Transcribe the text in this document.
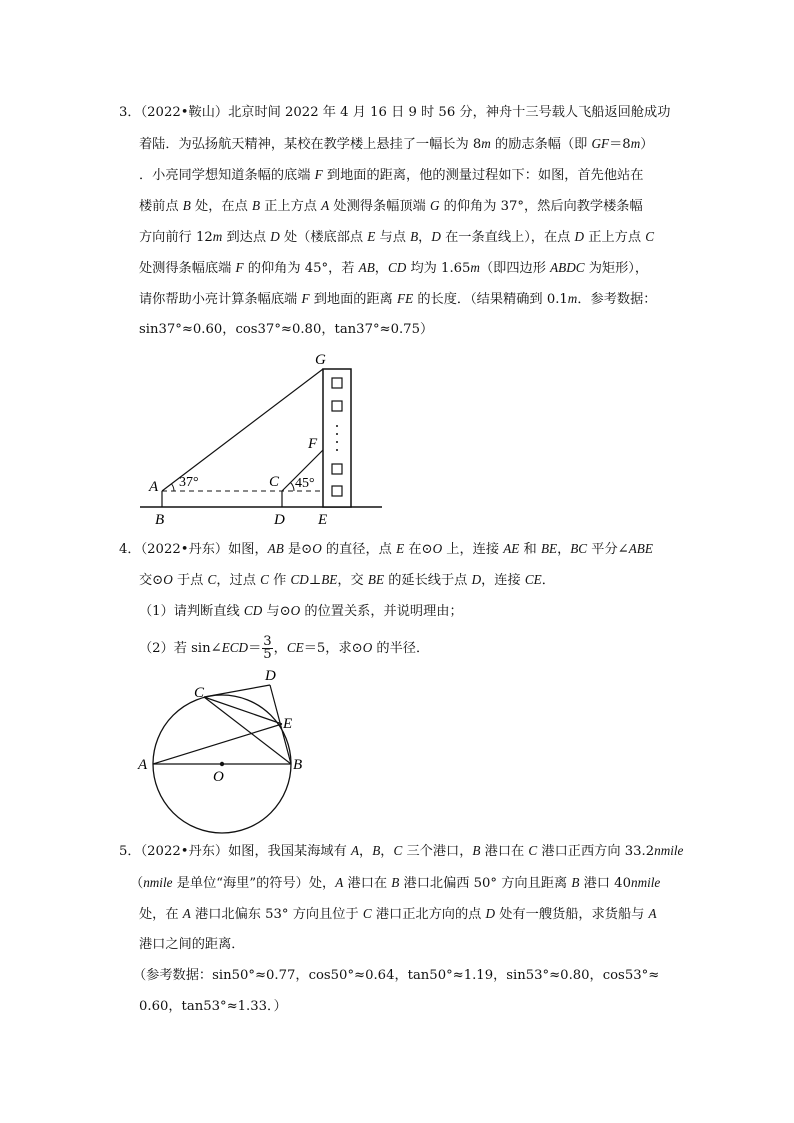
3．（2022•鞍山）北京时间 2022 年 4 月 16 日 9 时 56 分，神舟十三号载人飞船返回舱成功
着陆．为弘扬航天精神，某校在教学楼上悬挂了一幅长为 8m 的励志条幅（即 GF＝8m）
．小亮同学想知道条幅的底端 F 到地面的距离，他的测量过程如下：如图，首先他站在
楼前点 B 处，在点 B 正上方点 A 处测得条幅顶端 G 的仰角为 37°，然后向教学楼条幅
方向前行 12m 到达点 D 处（楼底部点 E 与点 B，D 在一条直线上），在点 D 正上方点 C
处测得条幅底端 F 的仰角为 45°，若 AB，CD 均为 1.65m（即四边形 ABDC 为矩形），
请你帮助小亮计算条幅底端 F 到地面的距离 FE 的长度．（结果精确到 0.1m．参考数据：
sin37°≈0.60，cos37°≈0.80，tan37°≈0.75）
G
F
A	C
B	D E
37°	45°
4．（2022•丹东）如图，AB 是⊙O 的直径，点 E 在⊙O 上，连接 AE 和 BE，BC 平分∠ABE
交⊙O 于点 C，过点 C 作 CD⊥BE，交 BE 的延长线于点 D，连接 CE．
（1）请判断直线 CD 与⊙O 的位置关系，并说明理由；
（2）若 sin∠ECD＝ $\frac{3}{5}$ ，CE＝5，求⊙O 的半径．
A	B
O
C
D
E
5．（2022•丹东）如图，我国某海域有 A，B，C 三个港口，B 港口在 C 港口正西方向 33.2nmile
（nmile 是单位“海里”的符号）处，A 港口在 B 港口北偏西 50° 方向且距离 B 港口 40nmile
处，在 A 港口北偏东 53° 方向且位于 C 港口正北方向的点 D 处有一艘货船，求货船与 A
港口之间的距离．
（参考数据：sin50°≈0.77，cos50°≈0.64，tan50°≈1.19，sin53°≈0.80，cos53°≈
0.60，tan53°≈1.33．）
